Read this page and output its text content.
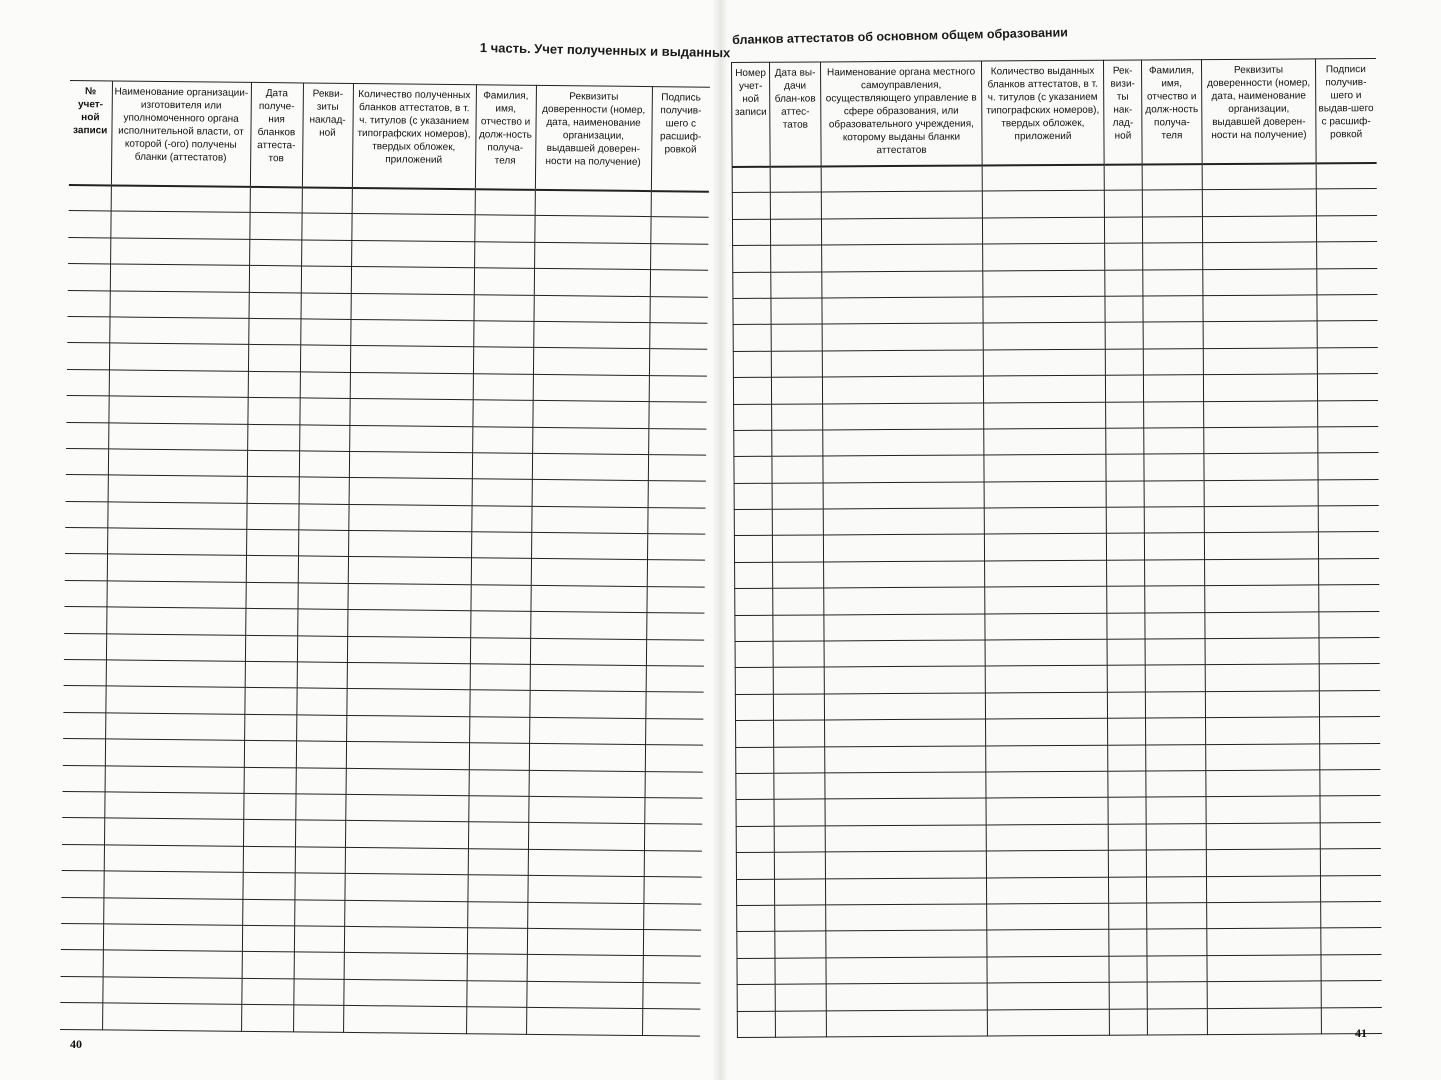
1 часть. Учет полученных и выданных
бланков аттестатов об основном общем образовании
№ учет-ной записи	Наименование организации-изготовителя или уполномоченного органа исполнительной власти, от которой (-ого) получены бланки (аттестатов)	Дата получе-ния бланков аттеста-тов	Рекви-зиты наклад-ной	Количество полученных бланков аттестатов, в т. ч. титулов (с указанием типографских номеров), твердых обложек, приложений	Фамилия, имя, отчество и долж-ность получа-теля	Реквизиты доверенности (номер, дата, наименование организации, выдавшей доверен-ности на получение)	Подпись получив-шего с расшиф-ровкой

Номер учет-ной записи	Дата вы-дачи блан-ков аттес-татов	Наименование органа местного самоуправления, осуществляющего управление в сфере образования, или образовательного учреждения, которому выданы бланки аттестатов	Количество выданных бланков аттестатов, в т. ч. титулов (с указанием типографских номеров), твердых обложек, приложений	Рек-визи-ты нак-лад-ной	Фамилия, имя, отчество и долж-ность получа-теля	Реквизиты доверенности (номер, дата, наименование организации, выдавшей доверен-ности на получение)	Подписи получив-шего и выдав-шего с расшиф-ровкой

40
41
